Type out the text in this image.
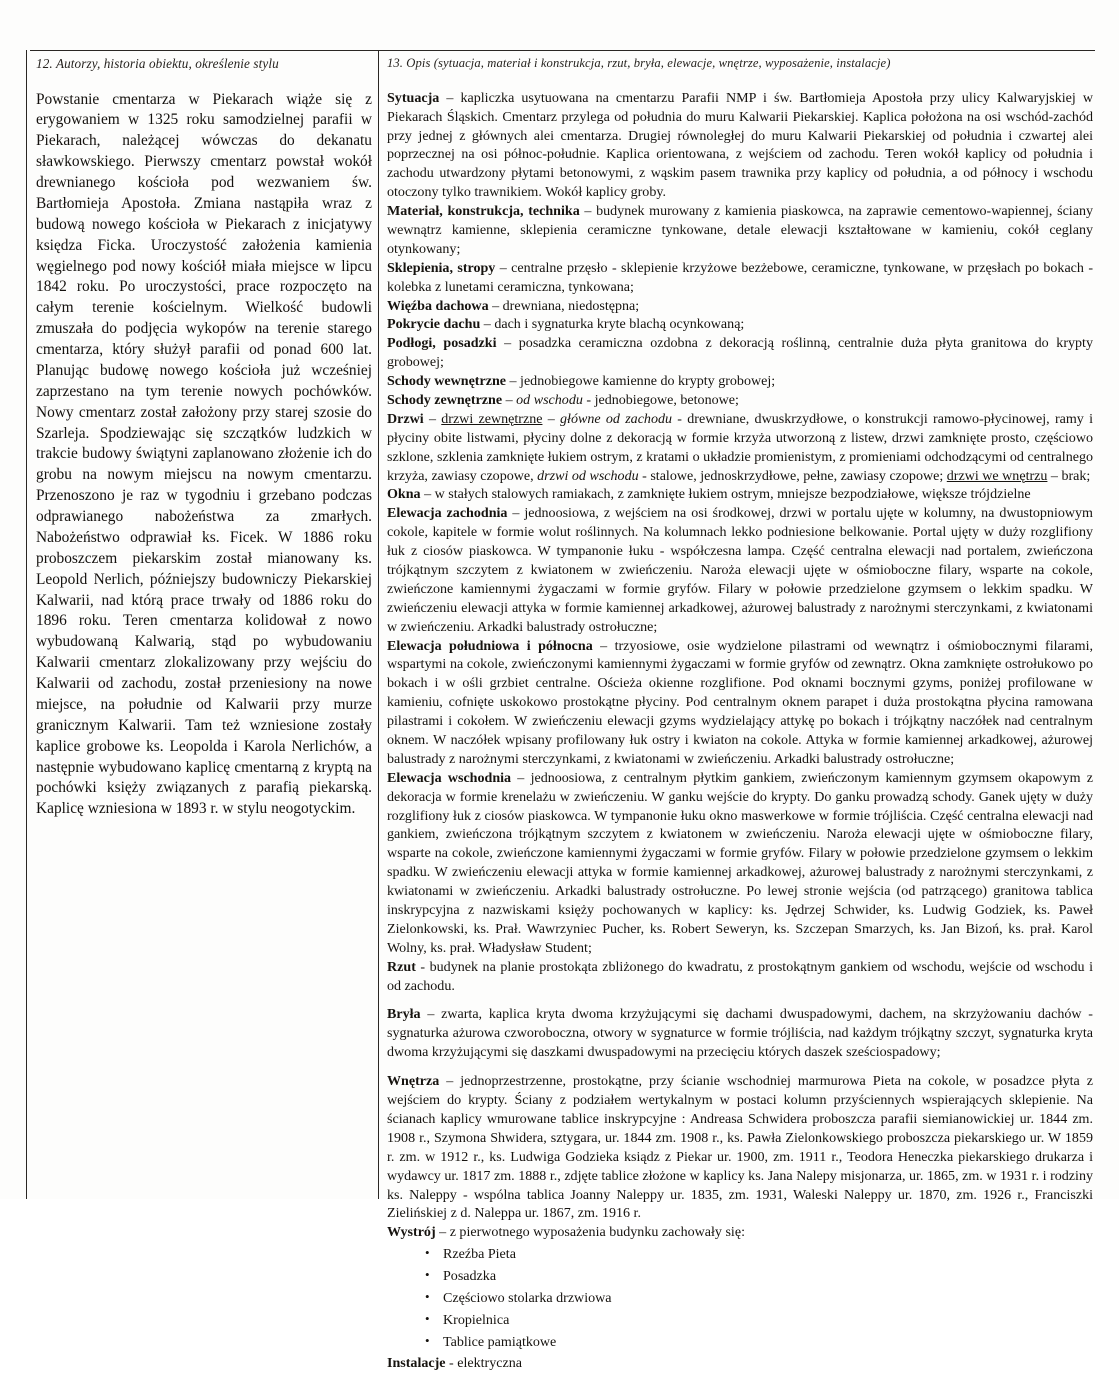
12. Autorzy, historia obiektu, określenie stylu
Powstanie cmentarza w Piekarach wiąże się z erygowaniem w 1325 roku samodzielnej parafii w Piekarach, należącej wówczas do dekanatu sławkowskiego. Pierwszy cmentarz powstał wokół drewnianego kościoła pod wezwaniem św. Bartłomieja Apostoła. Zmiana nastąpiła wraz z budową nowego kościoła w Piekarach z inicjatywy księdza Ficka. Uroczystość założenia kamienia węgielnego pod nowy kościół miała miejsce w lipcu 1842 roku. Po uroczystości, prace rozpoczęto na całym terenie kościelnym. Wielkość budowli zmuszała do podjęcia wykopów na terenie starego cmentarza, który służył parafii od ponad 600 lat. Planując budowę nowego kościoła już wcześniej zaprzestano na tym terenie nowych pochówków. Nowy cmentarz został założony przy starej szosie do Szarleja. Spodziewając się szczątków ludzkich w trakcie budowy świątyni zaplanowano złożenie ich do grobu na nowym miejscu na nowym cmentarzu. Przenoszono je raz w tygodniu i grzebano podczas odprawianego nabożeństwa za zmarłych. Nabożeństwo odprawiał ks. Ficek. W 1886 roku proboszczem piekarskim został mianowany ks. Leopold Nerlich, późniejszy budowniczy Piekarskiej Kalwarii, nad którą prace trwały od 1886 roku do 1896 roku. Teren cmentarza kolidował z nowo wybudowaną Kalwarią, stąd po wybudowaniu Kalwarii cmentarz zlokalizowany przy wejściu do Kalwarii od zachodu, został przeniesiony na nowe miejsce, na południe od Kalwarii przy murze granicznym Kalwarii. Tam też wzniesione zostały kaplice grobowe ks. Leopolda i Karola Nerlichów, a następnie wybudowano kaplicę cmentarną z kryptą na pochówki księży związanych z parafią piekarską. Kaplicę wzniesiona w 1893 r. w stylu neogotyckim.
13. Opis (sytuacja, materiał i konstrukcja, rzut, bryła, elewacje, wnętrze, wyposażenie, instalacje)

Sytuacja – kapliczka usytuowana na cmentarzu Parafii NMP i św. Bartłomieja Apostoła przy ulicy Kalwaryjskiej w Piekarach Śląskich. Cmentarz przylega od południa do muru Kalwarii Piekarskiej. Kaplica położona na osi wschód-zachód przy jednej z głównych alei cmentarza. Drugiej równoległej do muru Kalwarii Piekarskiej od południa i czwartej alei poprzecznej na osi północ-południe. Kaplica orientowana, z wejściem od zachodu. Teren wokół kaplicy od południa i zachodu utwardzony płytami betonowymi, z wąskim pasem trawnika przy kaplicy od południa, a od północy i wschodu otoczony tylko trawnikiem. Wokół kaplicy groby.

Materiał, konstrukcja, technika – budynek murowany z kamienia piaskowca, na zaprawie cementowo-wapiennej, ściany wewnątrz kamienne, sklepienia ceramiczne tynkowane, detale elewacji kształtowane w kamieniu, cokół ceglany otynkowany;

Sklepienia, stropy – centralne przęsło - sklepienie krzyżowe bezżebowe, ceramiczne, tynkowane, w przęsłach po bokach - kolebka z lunetami ceramiczna, tynkowana;

Więźba dachowa – drewniana, niedostępna;

Pokrycie dachu – dach i sygnaturka kryte blachą ocynkowaną;

Podłogi, posadzki – posadzka ceramiczna ozdobna z dekoracją roślinną, centralnie duża płyta granitowa do krypty grobowej;

Schody wewnętrzne – jednobiegowe kamienne do krypty grobowej;

Schody zewnętrzne – od wschodu - jednobiegowe, betonowe;

Drzwi – drzwi zewnętrzne – główne od zachodu - drewniane, dwuskrzydłowe, o konstrukcji ramowo-płycinowej, ramy i płyciny obite listwami, płyciny dolne z dekoracją w formie krzyża utworzoną z listew, drzwi zamknięte prosto, częściowo szklone, szklenia zamknięte łukiem ostrym, z kratami o układzie promienistym, z promieniami odchodzącymi od centralnego krzyża, zawiasy czopowe, drzwi od wschodu - stalowe, jednoskrzydłowe, pełne, zawiasy czopowe; drzwi we wnętrzu – brak;

Okna – w stałych stalowych ramiakach, z zamknięte łukiem ostrym, mniejsze bezpodziałowe, większe trójdzielne

Elewacja zachodnia – jednoosiowa, z wejściem na osi środkowej, drzwi w portalu ujęte w kolumny, na dwustopniowym cokole, kapitele w formie wolut roślinnych. Na kolumnach lekko podniesione belkowanie. Portal ujęty w duży rozglifiony łuk z ciosów piaskowca. W tympanonie łuku - współczesna lampa. Część centralna elewacji nad portalem, zwieńczona trójkątnym szczytem z kwiatonem w zwieńczeniu. Naroża elewacji ujęte w ośmioboczne filary, wsparte na cokole, zwieńczone kamiennymi żygaczami w formie gryfów. Filary w połowie przedzielone gzymsem o lekkim spadku. W zwieńczeniu elewacji attyka w formie kamiennej arkadkowej, ażurowej balustrady z narożnymi sterczynkami, z kwiatonami w zwieńczeniu. Arkadki balustrady ostrołuczne;

Elewacja południowa i północna – trzyosiowe, osie wydzielone pilastrami od wewnątrz i ośmiobocznymi filarami, wspartymi na cokole, zwieńczonymi kamiennymi żygaczami w formie gryfów od zewnątrz. Okna zamknięte ostrołukowo po bokach i w ośli grzbiet centralne. Ościeża okienne rozglifione. Pod oknami bocznymi gzyms, poniżej profilowane w kamieniu, cofnięte uskokowo prostokątne płyciny. Pod centralnym oknem parapet i duża prostokątna płycina ramowana pilastrami i cokołem. W zwieńczeniu elewacji gzyms wydzielający attykę po bokach i trójkątny naczółek nad centralnym oknem. W naczółek wpisany profilowany łuk ostry i kwiaton na cokole. Attyka w formie kamiennej arkadkowej, ażurowej balustrady z narożnymi sterczynkami, z kwiatonami w zwieńczeniu. Arkadki balustrady ostrołuczne;

Elewacja wschodnia – jednoosiowa, z centralnym płytkim gankiem, zwieńczonym kamiennym gzymsem okapowym z dekoracja w formie krenelażu w zwieńczeniu. W ganku wejście do krypty. Do ganku prowadzą schody. Ganek ujęty w duży rozglifiony łuk z ciosów piaskowca. W tympanonie łuku okno maswerkowe w formie trójliścia. Część centralna elewacji nad gankiem, zwieńczona trójkątnym szczytem z kwiatonem w zwieńczeniu. Naroża elewacji ujęte w ośmioboczne filary, wsparte na cokole, zwieńczone kamiennymi żygaczami w formie gryfów. Filary w połowie przedzielone gzymsem o lekkim spadku. W zwieńczeniu elewacji attyka w formie kamiennej arkadkowej, ażurowej balustrady z narożnymi sterczynkami, z kwiatonami w zwieńczeniu. Arkadki balustrady ostrołuczne. Po lewej stronie wejścia (od patrzącego) granitowa tablica inskrypcyjna z nazwiskami księży pochowanych w kaplicy: ks. Jędrzej Schwider, ks. Ludwig Godziek, ks. Paweł Zielonkowski, ks. Prał. Wawrzyniec Pucher, ks. Robert Seweryn, ks. Szczepan Smarzych, ks. Jan Bizoń, ks. prał. Karol Wolny, ks. prał. Władysław Student;

Rzut - budynek na planie prostokąta zbliżonego do kwadratu, z prostokątnym gankiem od wschodu, wejście od wschodu i od zachodu.

Bryła – zwarta, kaplica kryta dwoma krzyżującymi się dachami dwuspadowymi, dachem, na skrzyżowaniu dachów - sygnaturka ażurowa czworoboczna, otwory w sygnaturce w formie trójliścia, nad każdym trójkątny szczyt, sygnaturka kryta dwoma krzyżującymi się daszkami dwuspadowymi na przecięciu których daszek sześciospadowy;

Wnętrza – jednoprzestrzenne, prostokątne, przy ścianie wschodniej marmurowa Pieta na cokole, w posadzce płyta z wejściem do krypty. Ściany z podziałem wertykalnym w postaci kolumn przyściennych wspierających sklepienie. Na ścianach kaplicy wmurowane tablice inskrypcyjne : Andreasa Schwidera proboszcza parafii siemianowickiej ur. 1844 zm. 1908 r., Szymona Shwidera, sztygara, ur. 1844 zm. 1908 r., ks. Pawła Zielonkowskiego proboszcza piekarskiego ur. W 1859 r. zm. w 1912 r., ks. Ludwiga Godzieka ksiądz z Piekar ur. 1900, zm. 1911 r., Teodora Heneczka piekarskiego drukarza i wydawcy ur. 1817 zm. 1888 r., zdjęte tablice złożone w kaplicy ks. Jana Nalepy misjonarza, ur. 1865, zm. w 1931 r. i rodziny ks. Naleppy - wspólna tablica Joanny Naleppy ur. 1835, zm. 1931, Waleski Naleppy ur. 1870, zm. 1926 r., Franciszki Zielińskiej z d. Naleppa ur. 1867, zm. 1916 r.

Wystrój – z pierwotnego wyposażenia budynku zachowały się:

• Rzeźba Pieta
• Posadzka
• Częściowo stolarka drzwiowa
• Kropielnica
• Tablice pamiątkowe

Instalacje - elektryczna
